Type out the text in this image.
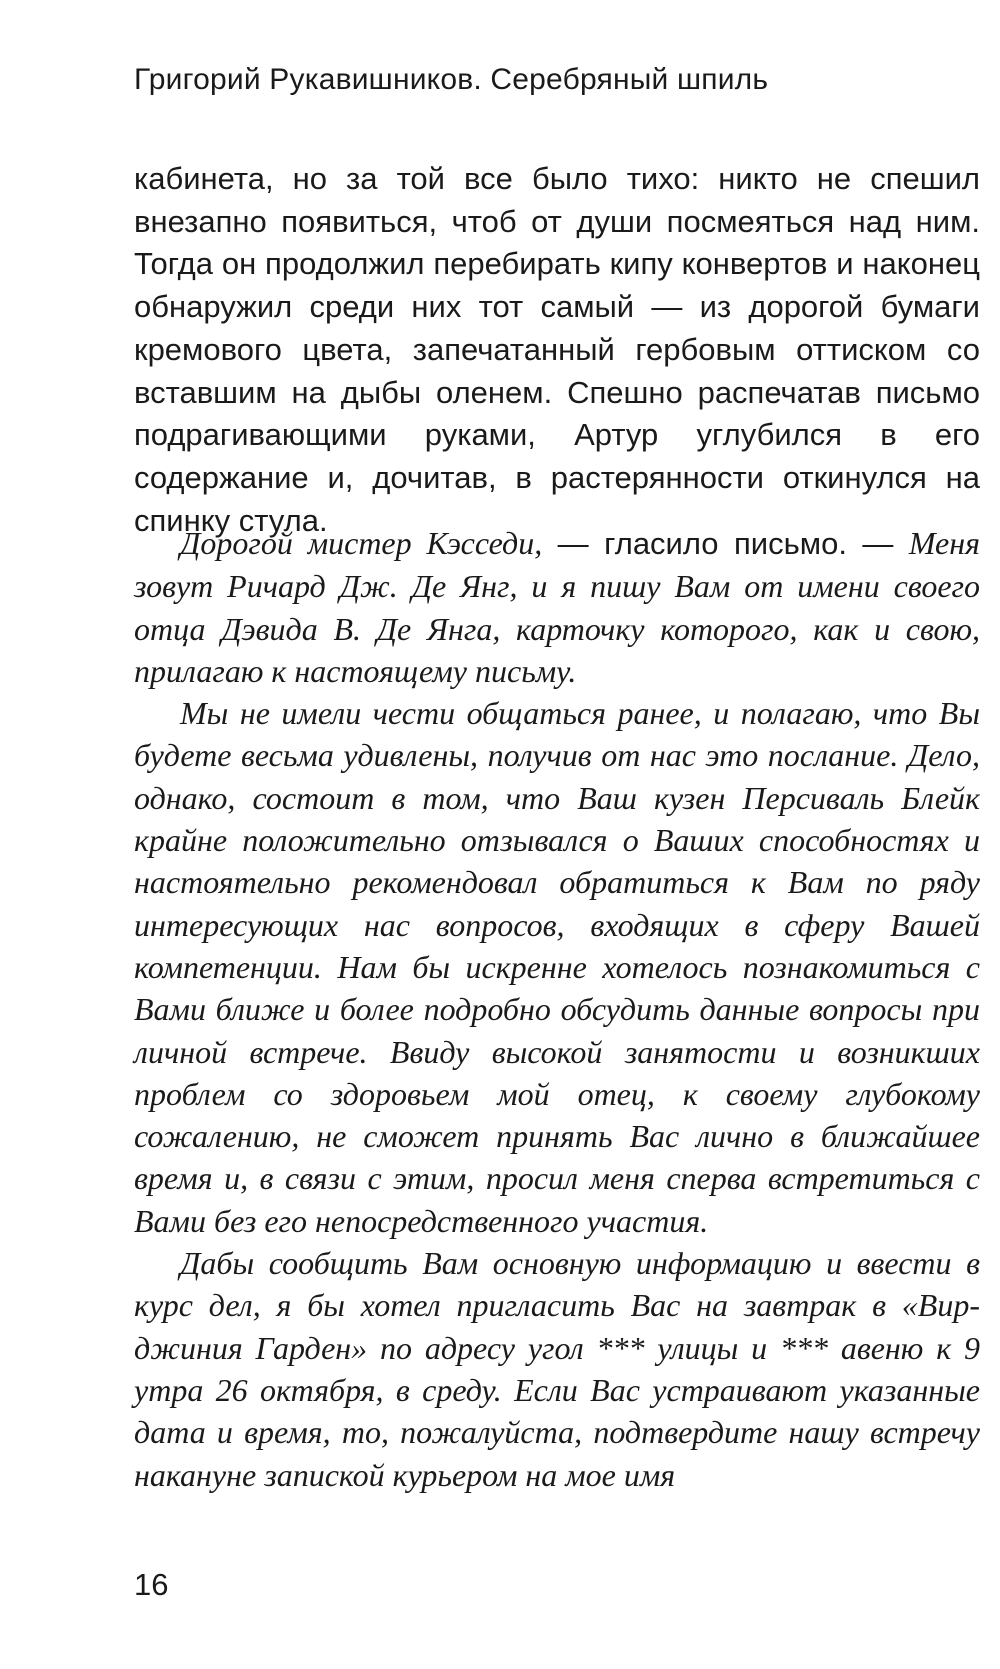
Григорий Рукавишников. Серебряный шпиль

кабинета, но за той все было тихо: никто не спешил внезапно появиться, чтоб от души посмеяться над ним. Тогда он продолжил перебирать кипу конвертов и наконец обнаружил среди них тот самый — из дорогой бумаги кремового цвета, запечатанный гербовым оттиском со вставшим на дыбы оленем. Спешно распечатав письмо подрагивающими руками, Артур углубился в его содержание и, дочитав, в растерянности откинулся на спинку стула.

Дорогой мистер Кэсседи, — гласило письмо. — Меня зовут Ричард Дж. Де Янг, и я пишу Вам от имени своего отца Дэвида В. Де Янга, карточку которого, как и свою, прилагаю к настоящему письму.

Мы не имели чести общаться ранее, и полагаю, что Вы будете весьма удивлены, получив от нас это послание. Дело, однако, состоит в том, что Ваш кузен Персиваль Блейк крайне положительно отзывался о Ваших способностях и настоятельно рекомендовал обратиться к Вам по ряду интересующих нас вопросов, входящих в сферу Вашей компетенции. Нам бы искренне хотелось познакомиться с Вами ближе и более подробно обсудить данные вопросы при личной встрече. Ввиду высокой занятости и возникших проблем со здоровьем мой отец, к своему глубокому сожалению, не сможет принять Вас лично в ближайшее время и, в связи с этим, просил меня сперва встретиться с Вами без его непосредственного участия.

Дабы сообщить Вам основную информацию и ввести в курс дел, я бы хотел пригласить Вас на завтрак в «Вирджиния Гарден» по адресу угол *** улицы и *** авеню к 9 утра 26 октября, в среду. Если Вас устраивают указанные дата и время, то, пожалуйста, подтвердите нашу встречу накануне запиской курьером на мое имя

16
